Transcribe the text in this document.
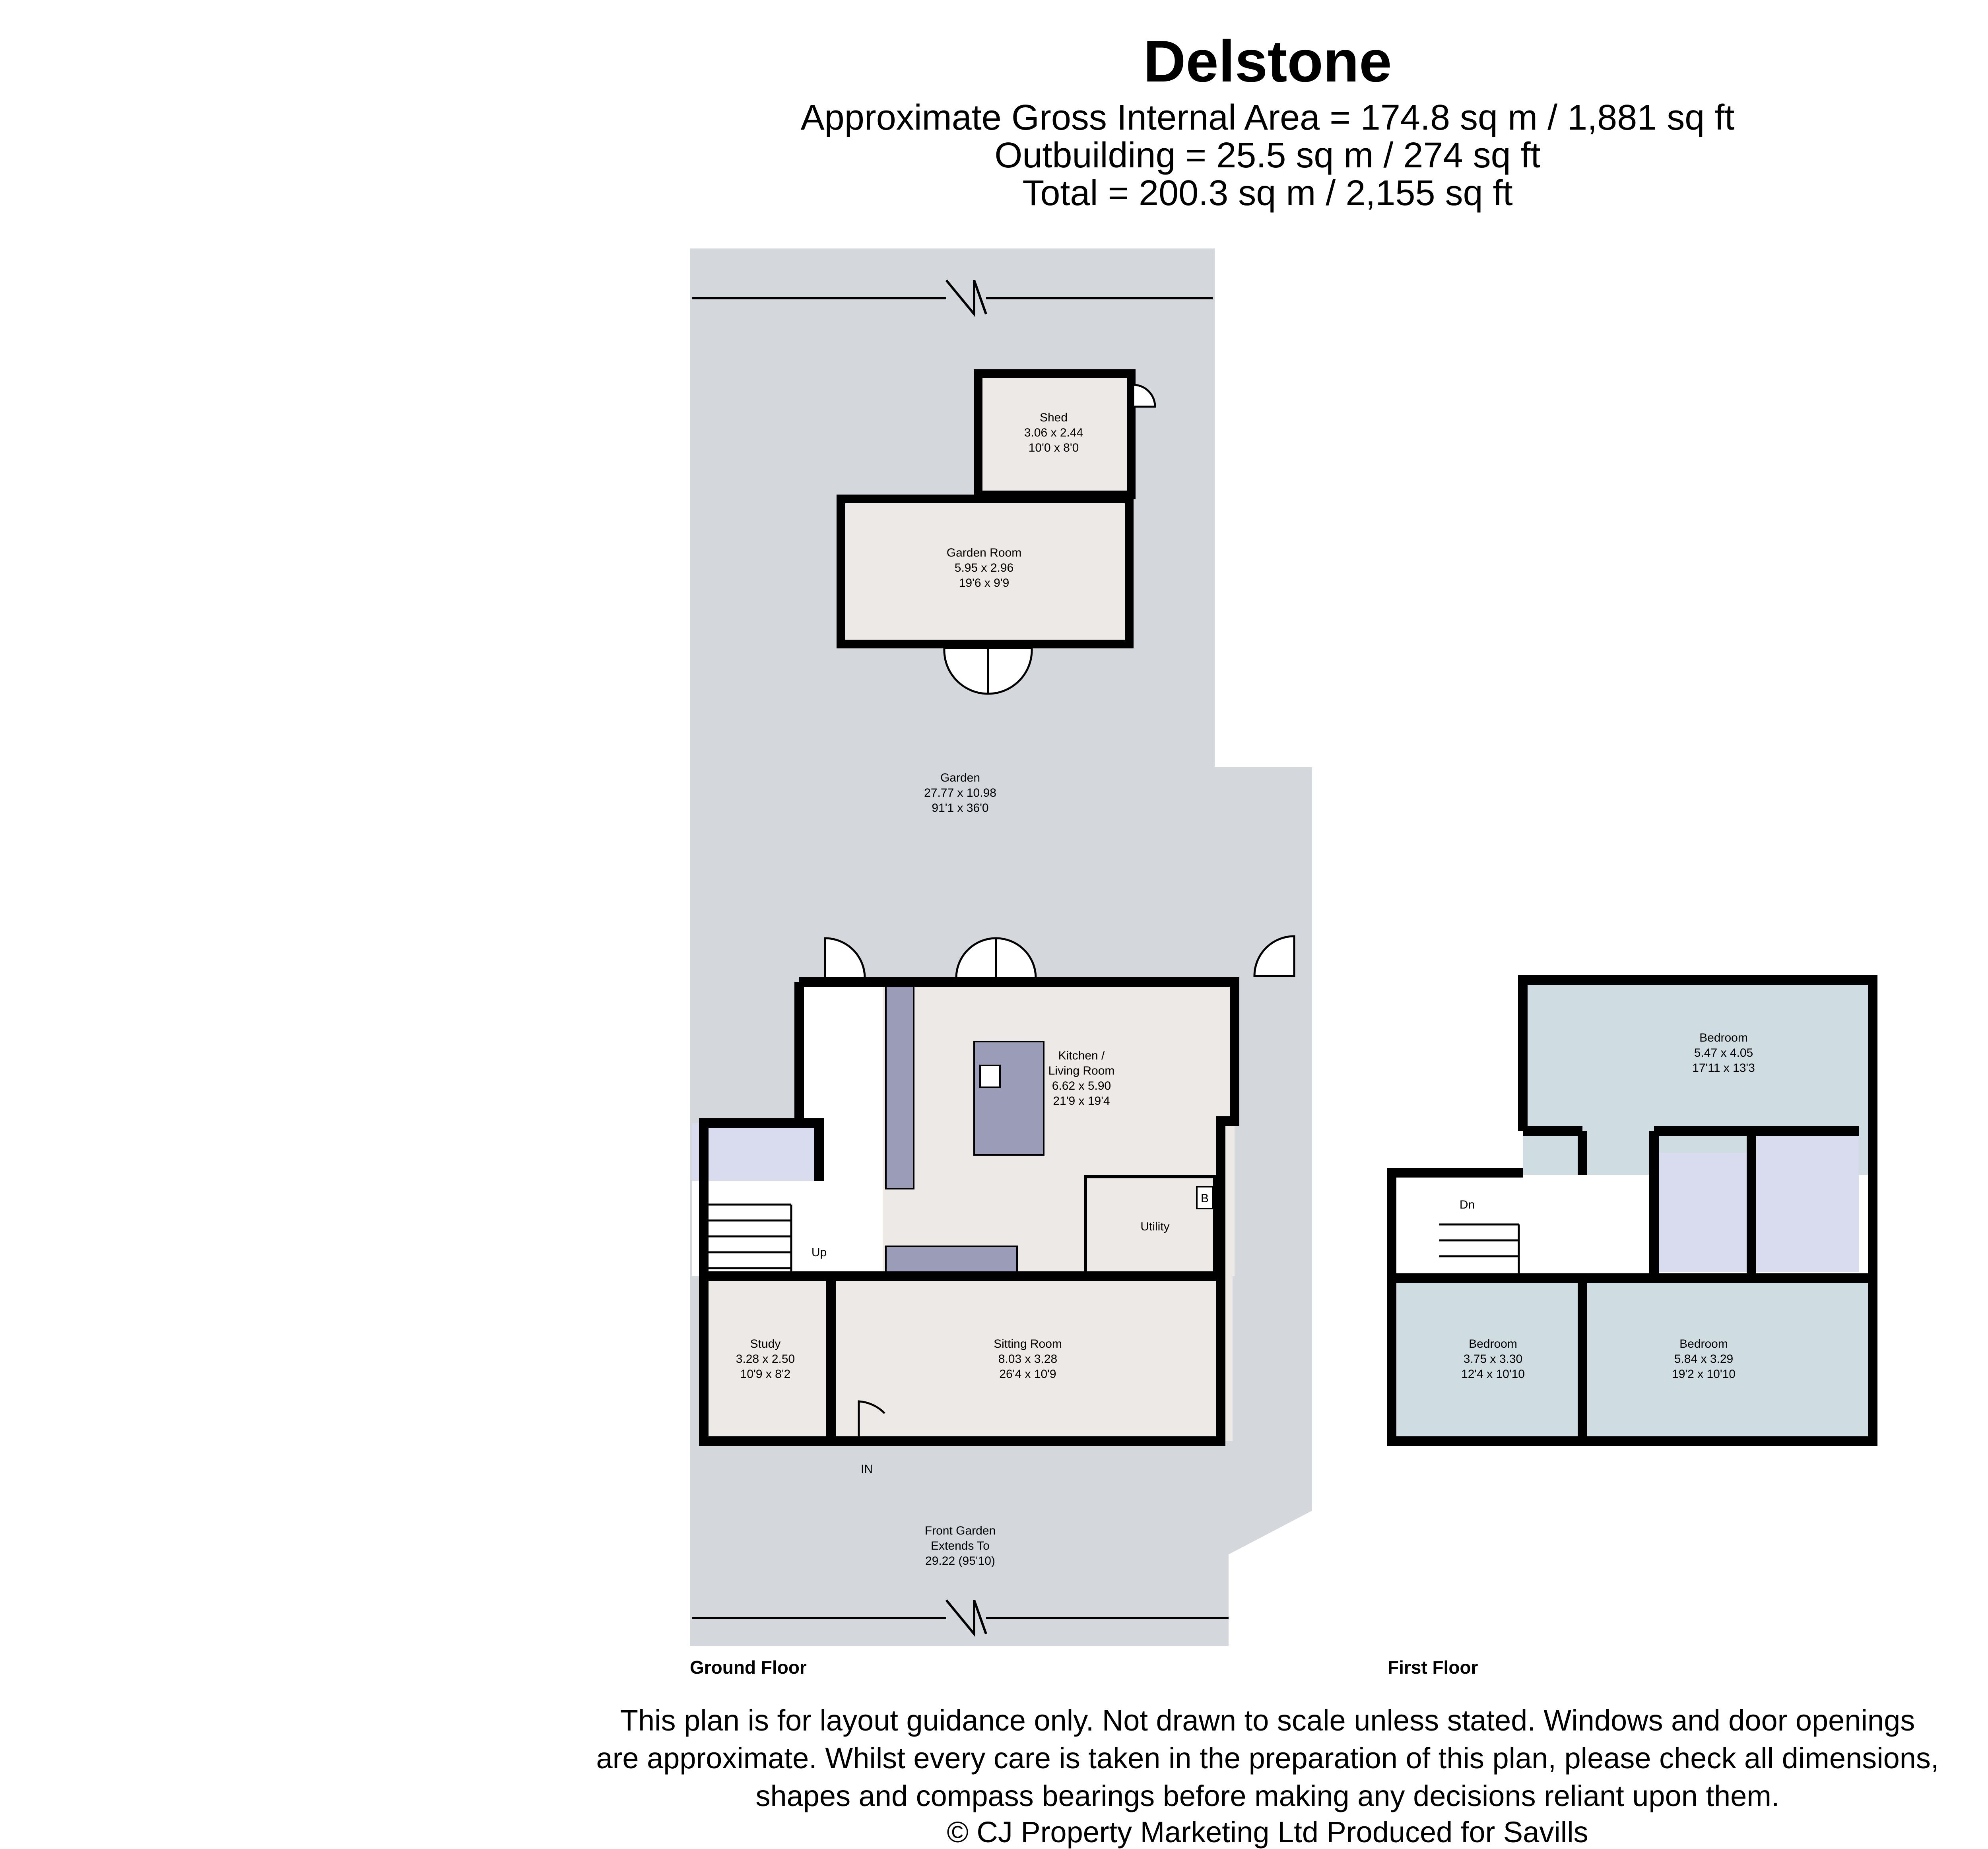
Delstone
Approximate Gross Internal Area = 174.8 sq m / 1,881 sq ft
Outbuilding = 25.5 sq m / 274 sq ft
Total = 200.3 sq m / 2,155 sq ft
Shed
3.06 x 2.44
10'0 x 8'0
Garden Room
5.95 x 2.96
19'6 x 9'9
Garden
27.77 x 10.98
91'1 x 36'0
Kitchen /
Living Room
6.62 x 5.90
21'9 x 19'4
Utility
B
Up
Study
3.28 x 2.50
10'9 x 8'2
Sitting Room
8.03 x 3.28
26'4 x 10'9
IN
Front Garden
Extends To
29.22 (95'10)
Ground Floor
Bedroom
5.47 x 4.05
17'11 x 13'3
Dn
Bedroom
3.75 x 3.30
12'4 x 10'10
Bedroom
5.84 x 3.29
19'2 x 10'10
First Floor
This plan is for layout guidance only. Not drawn to scale unless stated. Windows and door openings
are approximate. Whilst every care is taken in the preparation of this plan, please check all dimensions,
shapes and compass bearings before making any decisions reliant upon them.
© CJ Property Marketing Ltd Produced for Savills
